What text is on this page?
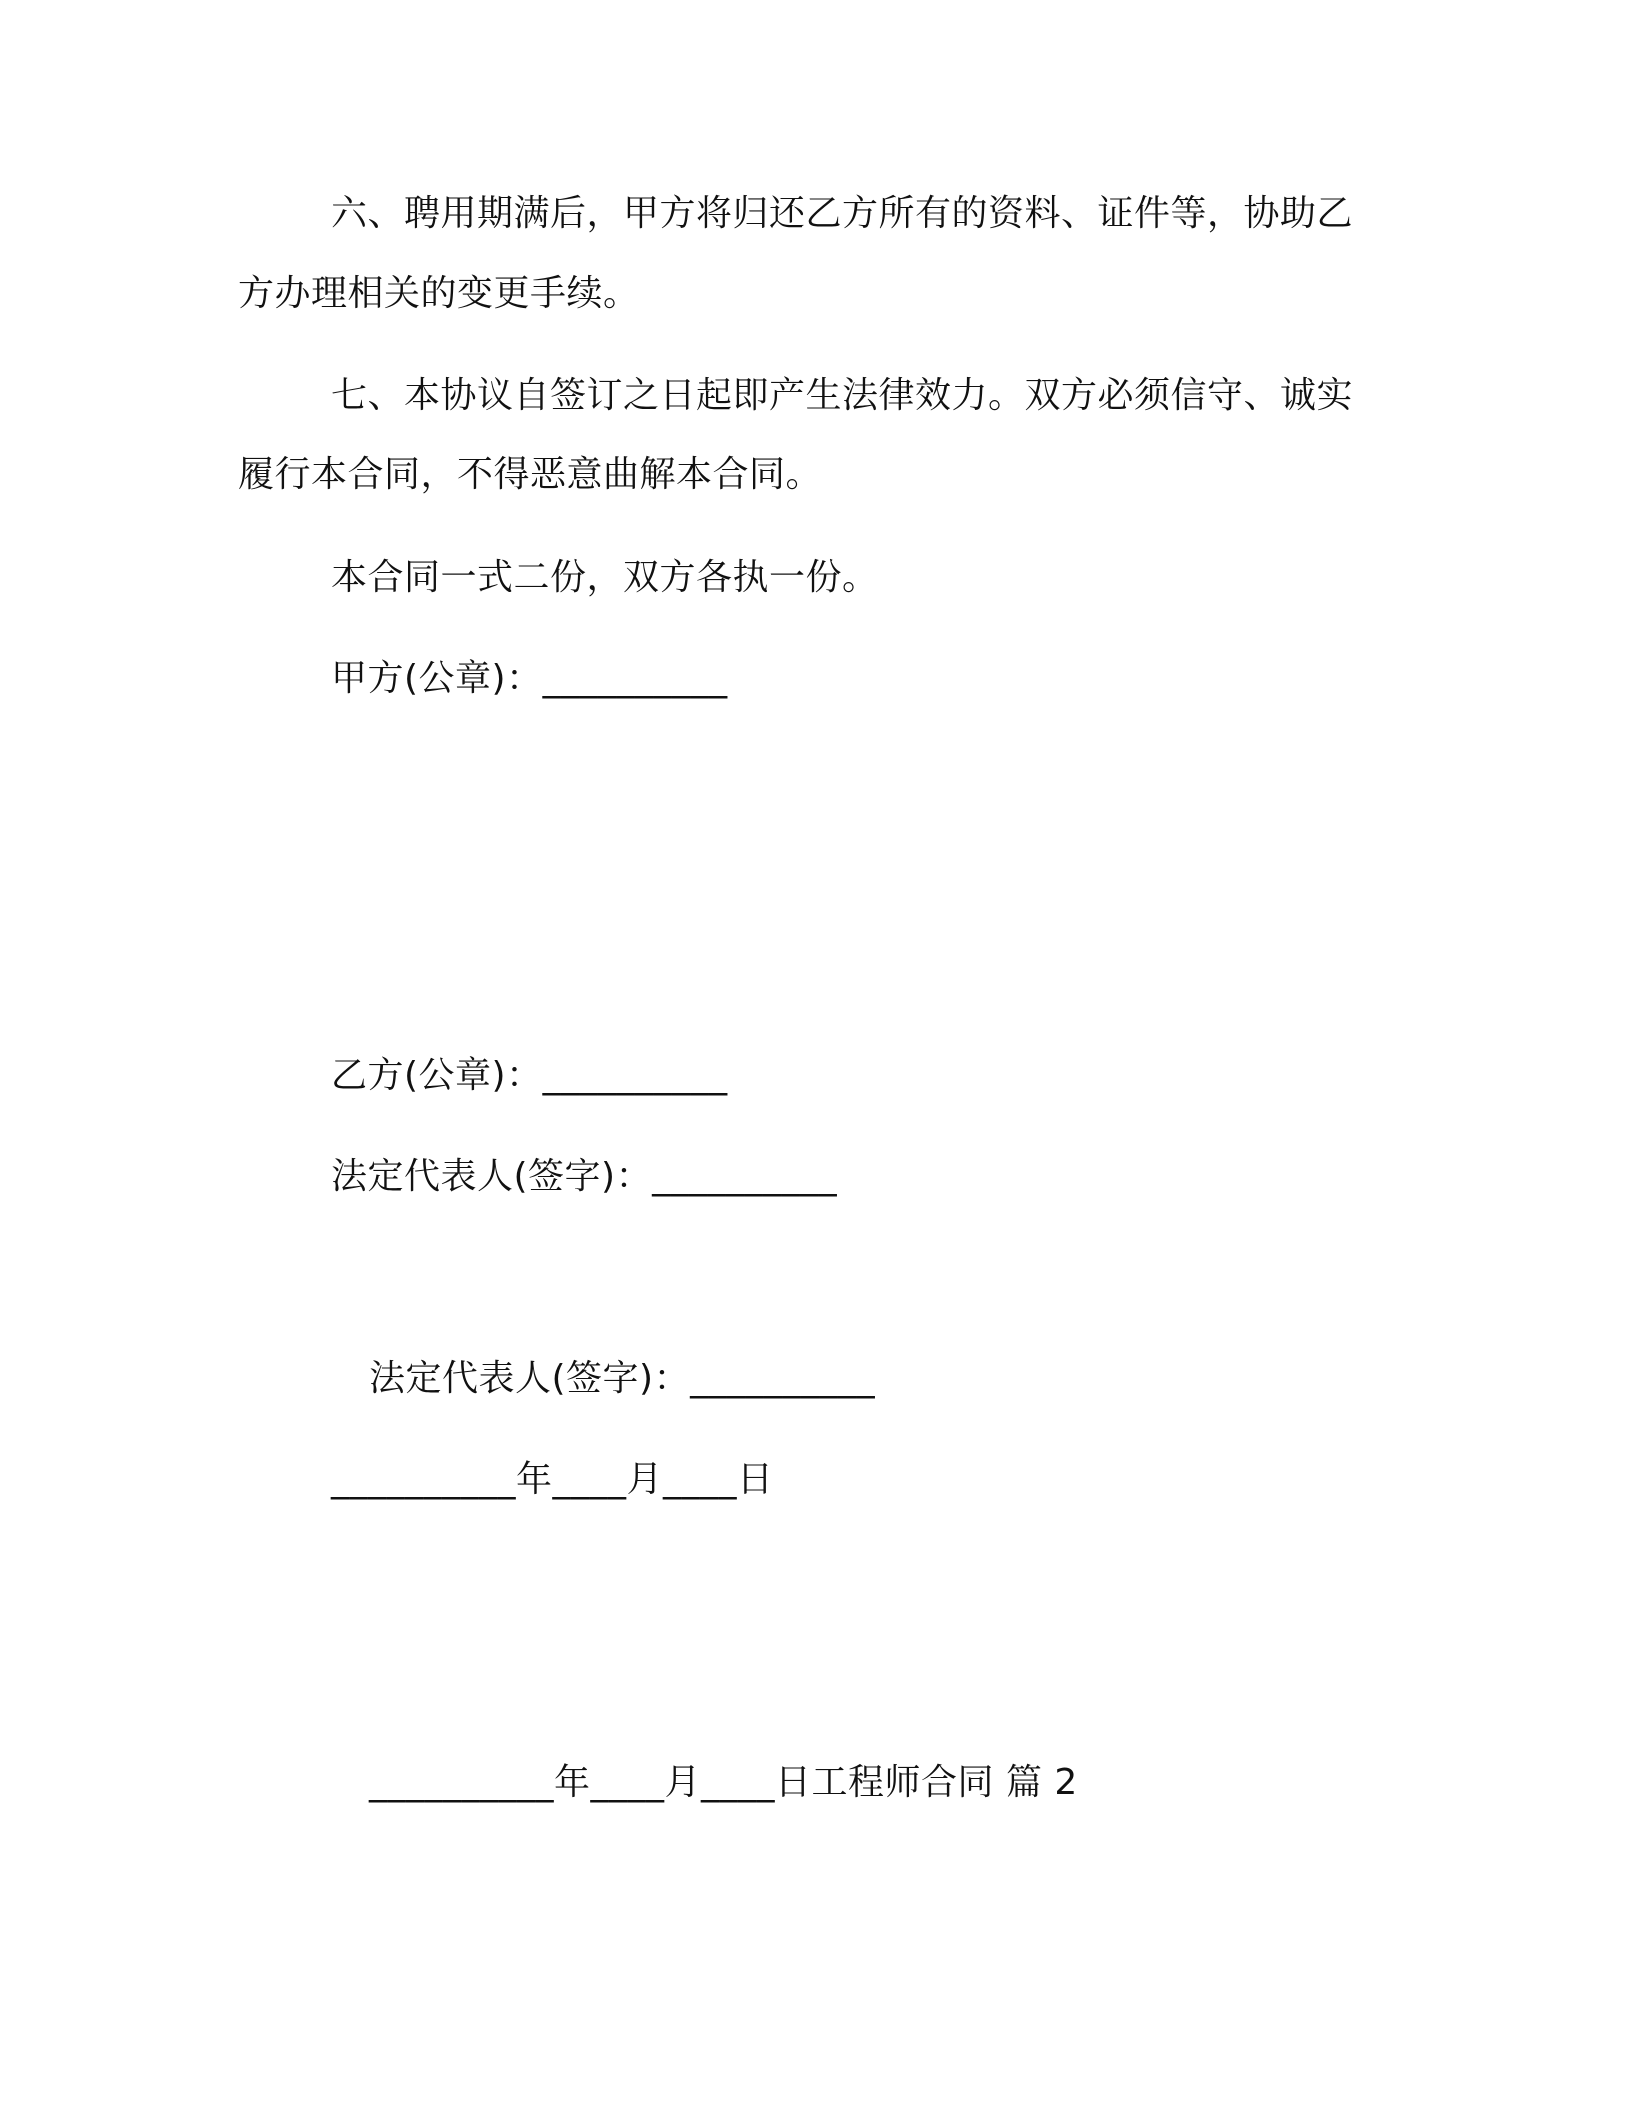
六、聘用期满后，甲方将归还乙方所有的资料、证件等，协助乙
方办理相关的变更手续。
七、本协议自签订之日起即产生法律效力。双方必须信守、诚实
履行本合同，不得恶意曲解本合同。
本合同一式二份，双方各执一份。
甲方(公章)：__________
乙方(公章)：__________
法定代表人(签字)：__________
法定代表人(签字)：__________
__________年____月____日
__________年____月____日工程师合同 篇 2
